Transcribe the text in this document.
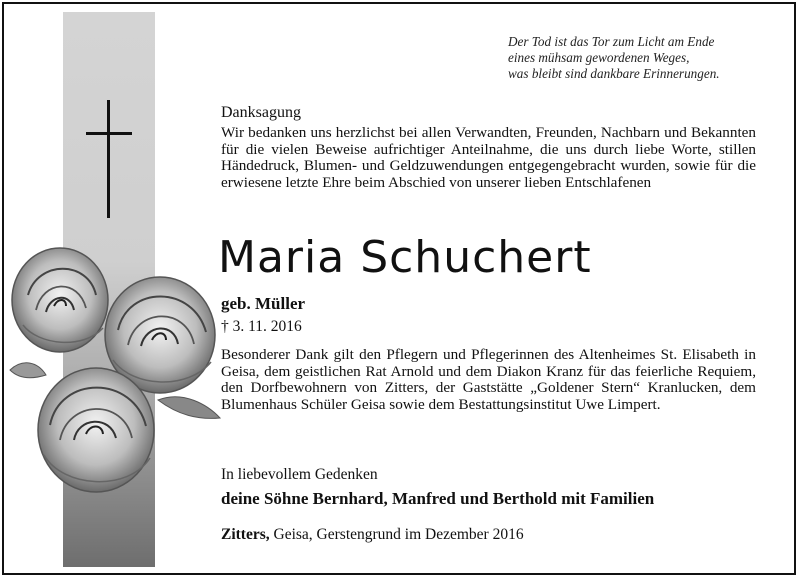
Der Tod ist das Tor zum Licht am Ende
eines mühsam gewordenen Weges,
was bleibt sind dankbare Erinnerungen.
Danksagung
Wir bedanken uns herzlichst bei allen Verwandten, Freunden, Nachbarn und Bekannten für die vielen Beweise aufrichtiger Anteilnahme, die uns durch liebe Worte, stillen Händedruck, Blumen- und Geldzuwendungen entgegengebracht wurden, sowie für die erwiesene letzte Ehre beim Abschied von unserer lieben Entschlafenen
Maria Schuchert
geb. Müller
† 3. 11. 2016
Besonderer Dank gilt den Pflegern und Pflegerinnen des Altenheimes St. Elisabeth in Geisa, dem geistlichen Rat Arnold und dem Diakon Kranz für das feierliche Requiem, den Dorfbewohnern von Zitters, der Gaststätte „Goldener Stern“ Kranlucken, dem Blumenhaus Schüler Geisa sowie dem Bestattungsinstitut Uwe Limpert.
In liebevollem Gedenken
deine Söhne Bernhard, Manfred und Berthold mit Familien
Zitters, Geisa, Gerstengrund im Dezember 2016
